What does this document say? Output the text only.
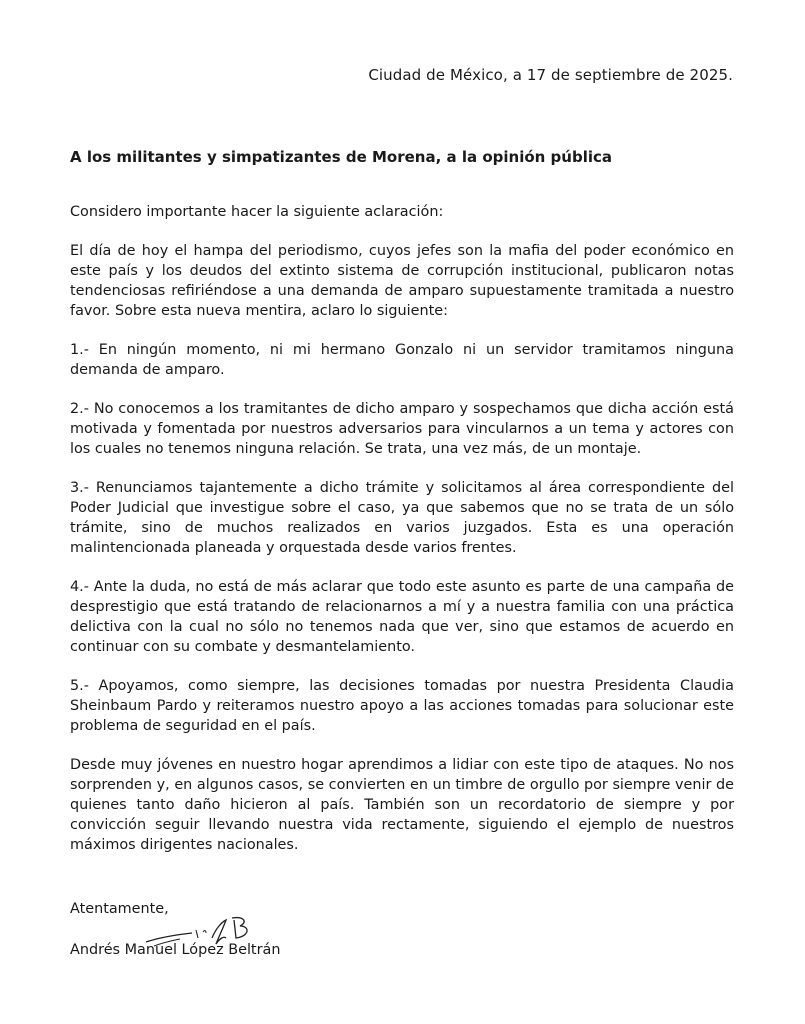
Ciudad de México, a 17 de septiembre de 2025.
A los militantes y simpatizantes de Morena, a la opinión pública

Considero importante hacer la siguiente aclaración:

El día de hoy el hampa del periodismo, cuyos jefes son la mafia del poder económico en este país y los deudos del extinto sistema de corrupción institucional, publicaron notas tendenciosas refiriéndose a una demanda de amparo supuestamente tramitada a nuestro favor. Sobre esta nueva mentira, aclaro lo siguiente:

1.- En ningún momento, ni mi hermano Gonzalo ni un servidor tramitamos ninguna demanda de amparo.

2.- No conocemos a los tramitantes de dicho amparo y sospechamos que dicha acción está motivada y fomentada por nuestros adversarios para vincularnos a un tema y actores con los cuales no tenemos ninguna relación. Se trata, una vez más, de un montaje.

3.- Renunciamos tajantemente a dicho trámite y solicitamos al área correspondiente del Poder Judicial que investigue sobre el caso, ya que sabemos que no se trata de un sólo trámite, sino de muchos realizados en varios juzgados. Esta es una operación malintencionada planeada y orquestada desde varios frentes.

4.- Ante la duda, no está de más aclarar que todo este asunto es parte de una campaña de desprestigio que está tratando de relacionarnos a mí y a nuestra familia con una práctica delictiva con la cual no sólo no tenemos nada que ver, sino que estamos de acuerdo en continuar con su combate y desmantelamiento.

5.- Apoyamos, como siempre, las decisiones tomadas por nuestra Presidenta Claudia Sheinbaum Pardo y reiteramos nuestro apoyo a las acciones tomadas para solucionar este problema de seguridad en el país.

Desde muy jóvenes en nuestro hogar aprendimos a lidiar con este tipo de ataques. No nos sorprenden y, en algunos casos, se convierten en un timbre de orgullo por siempre venir de quienes tanto daño hicieron al país. También son un recordatorio de siempre y por convicción seguir llevando nuestra vida rectamente, siguiendo el ejemplo de nuestros máximos dirigentes nacionales.

Atentamente,
Andrés Manuel López Beltrán
